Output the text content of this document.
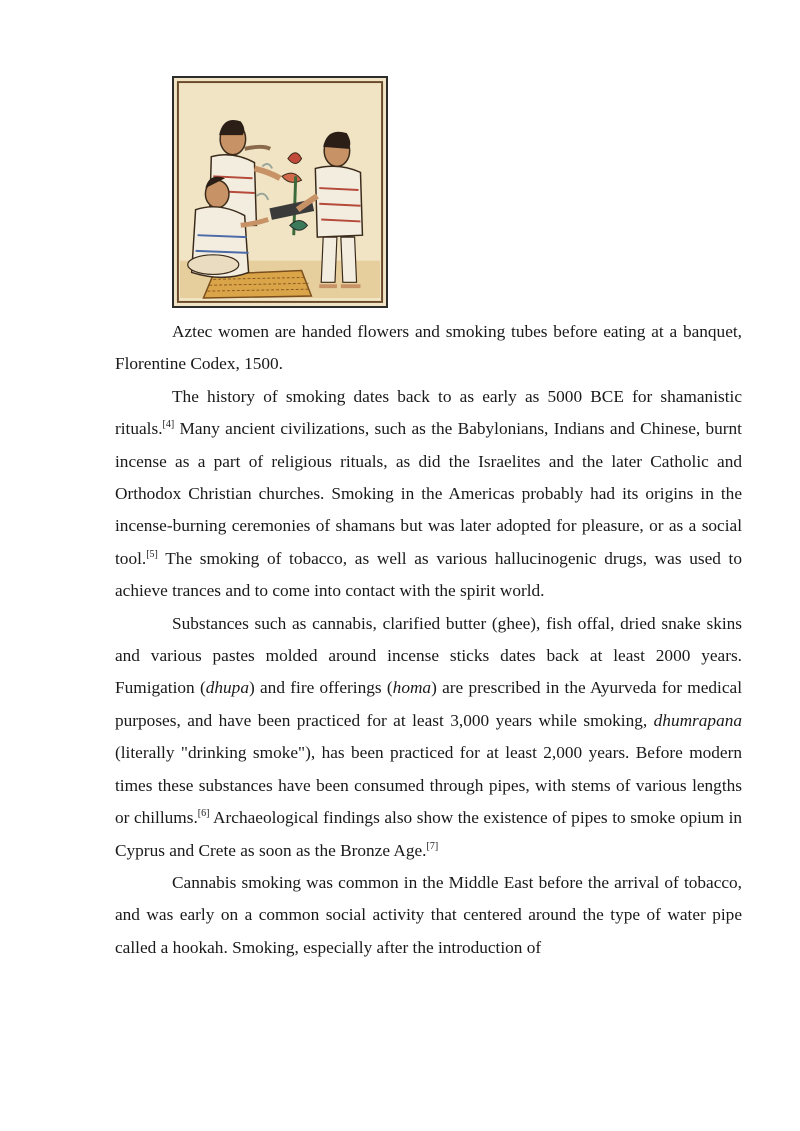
Aztec women are handed flowers and smoking tubes before eating at a banquet, Florentine Codex, 1500.

The history of smoking dates back to as early as 5000 BCE for shamanistic rituals.[4] Many ancient civilizations, such as the Babylonians, Indians and Chinese, burnt incense as a part of religious rituals, as did the Israelites and the later Catholic and Orthodox Christian churches. Smoking in the Americas probably had its origins in the incense-burning ceremonies of shamans but was later adopted for pleasure, or as a social tool.[5] The smoking of tobacco, as well as various hallucinogenic drugs, was used to achieve trances and to come into contact with the spirit world.

Substances such as cannabis, clarified butter (ghee), fish offal, dried snake skins and various pastes molded around incense sticks dates back at least 2000 years. Fumigation (dhupa) and fire offerings (homa) are prescribed in the Ayurveda for medical purposes, and have been practiced for at least 3,000 years while smoking, dhumrapana (literally "drinking smoke"), has been practiced for at least 2,000 years. Before modern times these substances have been consumed through pipes, with stems of various lengths or chillums.[6] Archaeological findings also show the existence of pipes to smoke opium in Cyprus and Crete as soon as the Bronze Age.[7]

Cannabis smoking was common in the Middle East before the arrival of tobacco, and was early on a common social activity that centered around the type of water pipe called a hookah. Smoking, especially after the introduction of
